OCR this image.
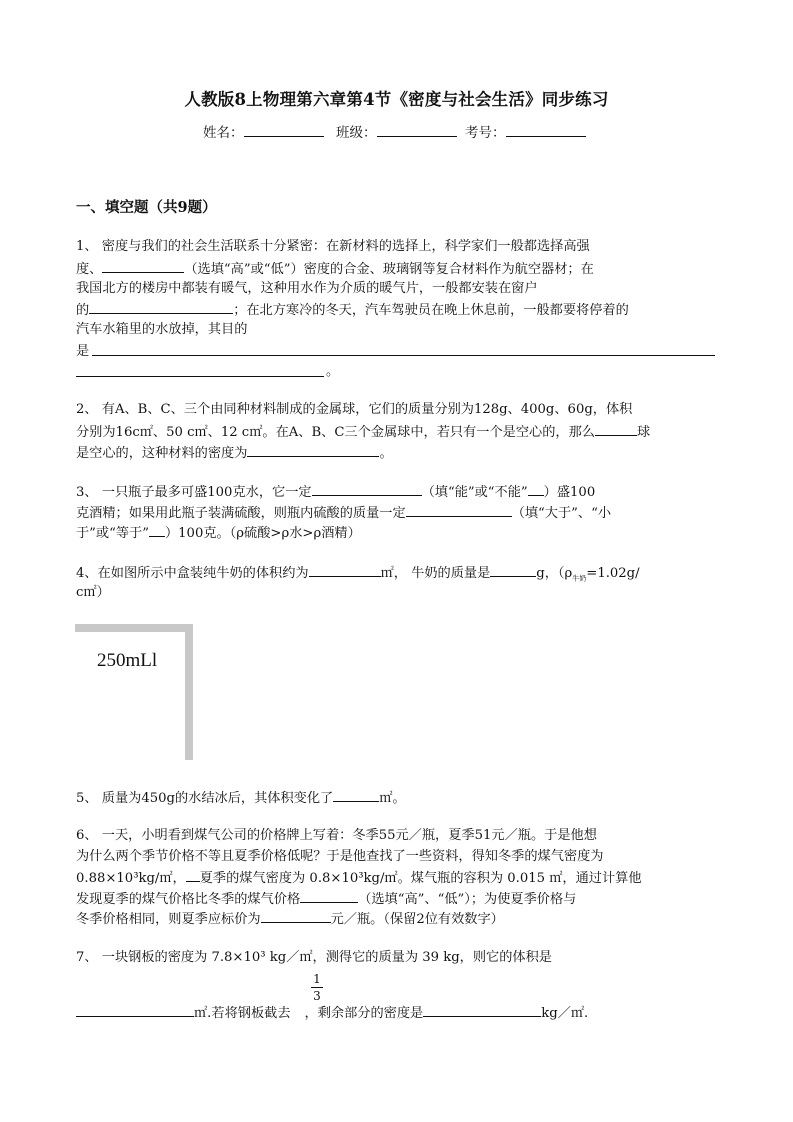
人教版8上物理第六章第4节《密度与社会生活》同步练习
姓名：	班级：	考号：
一、填空题（共9题）
1、 密度与我们的社会生活联系十分紧密：在新材料的选择上，科学家们一般都选择高强
度、	（选填“高”或“低”）密度的合金、玻璃钢等复合材料作为航空器材；在
我国北方的楼房中都装有暖气，这种用水作为介质的暖气片，一般都安装在窗户
的	；在北方寒冷的冬天，汽车驾驶员在晚上休息前，一般都要将停着的
汽车水箱里的水放掉，其目的
是
。
2、 有A、B、C、三个由同种材料制成的金属球，它们的质量分别为128g、400g、60g，体积
分别为16c㎡、50 c㎡、12 c㎡。在A、B、C三个金属球中，若只有一个是空心的，那么	球
是空心的，这种材料的密度为	。
3、 一只瓶子最多可盛100克水，它一定	（填“能”或“不能” ）盛100
克酒精；如果用此瓶子装满硫酸，则瓶内硫酸的质量一定	（填“大于”、“小
于”或“等于” ）100克。（ρ硫酸>ρ水>ρ酒精）
4、在如图所示中盒装纯牛奶的体积约为	㎡， 牛奶的质量是	g，（$\rho_{牛奶}=1.02g/$
c㎡）
250mLl
5、 质量为450g的水结冰后，其体积变化了	㎡。
6、 一天，小明看到煤气公司的价格牌上写着：冬季55元／瓶，夏季51元／瓶。于是他想
为什么两个季节价格不等且夏季价格低呢？于是他查找了一些资料，得知冬季的煤气密度为
0.88×10³kg/㎡， 夏季的煤气密度为 0.8×10³kg/㎡。煤气瓶的容积为 0.015 ㎡，通过计算他
发现夏季的煤气价格比冬季的煤气价格	（选填“高”、“低”）；为使夏季价格与
冬季价格相同，则夏季应标价为	元／瓶。（保留2位有效数字）
7、 一块钢板的密度为 7.8×10³ kg／㎡，测得它的质量为 39 kg，则它的体积是
㎡.若将钢板截去 ，剩余部分的密度是	kg／㎡.
1
3
